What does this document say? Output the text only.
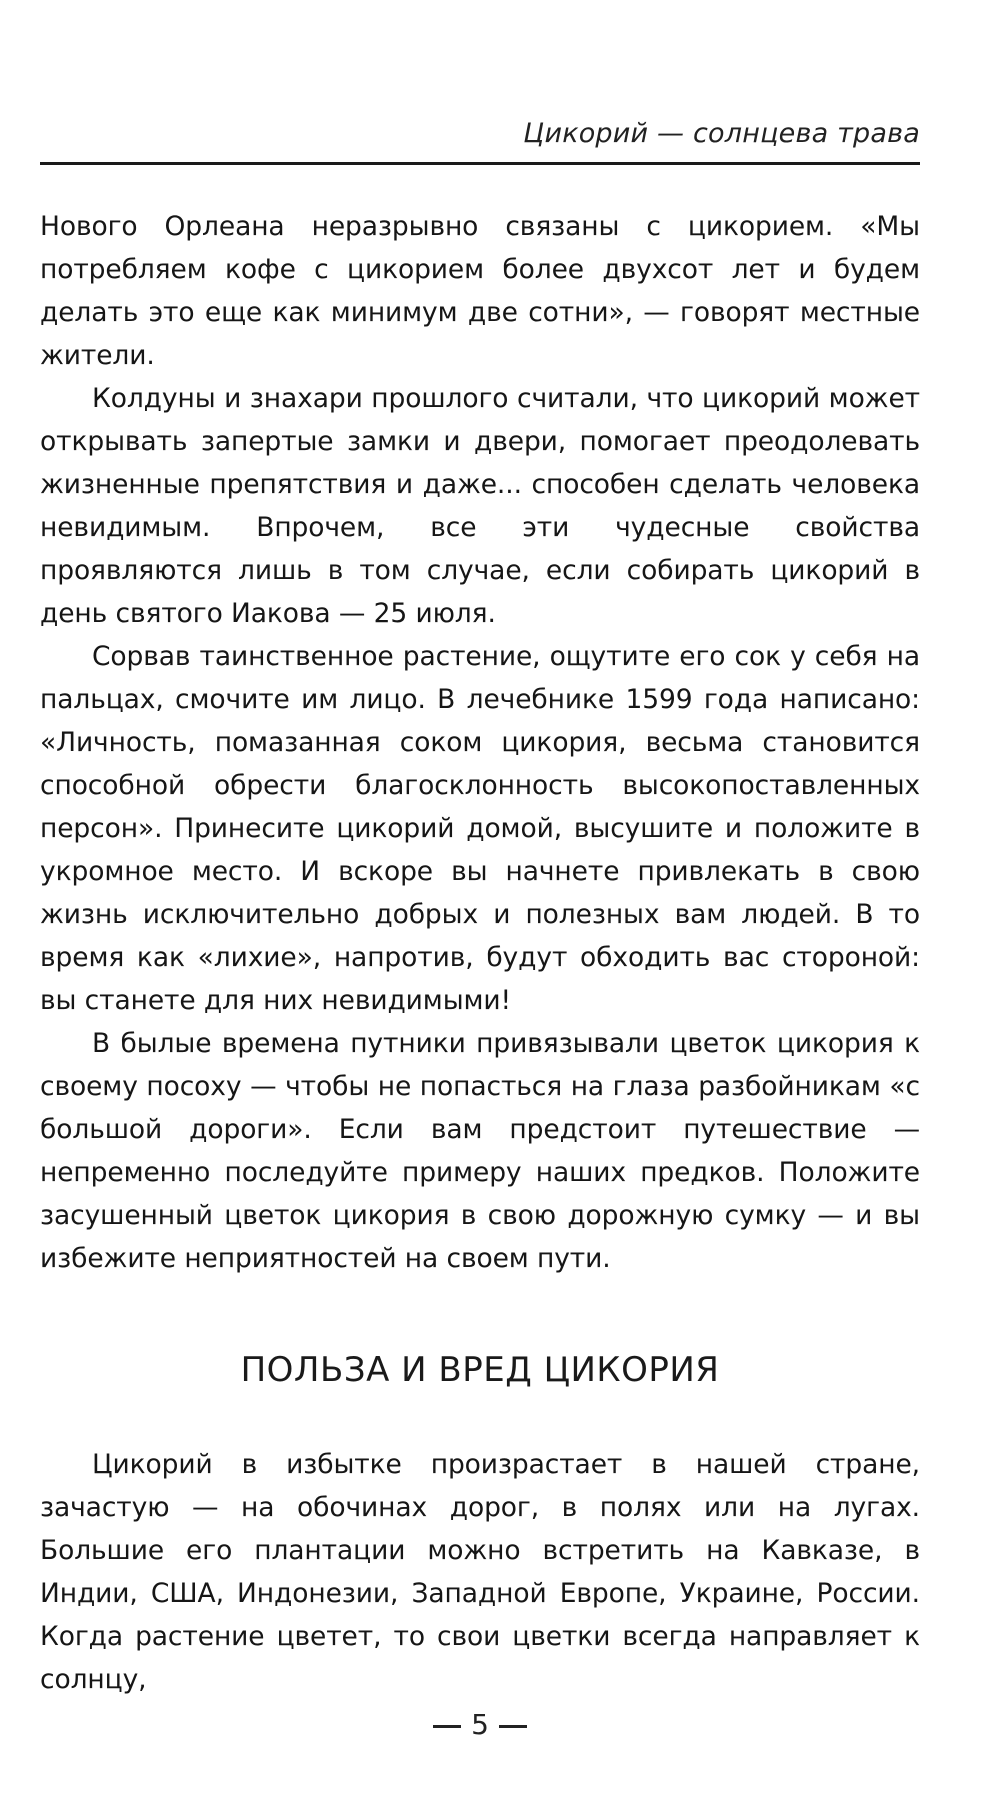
Цикорий — солнцева трава

Нового Орлеана неразрывно связаны с цикорием. «Мы потребляем кофе с цикорием более двухсот лет и будем делать это еще как минимум две сотни», — говорят местные жители.

Колдуны и знахари прошлого считали, что цикорий может открывать запертые замки и двери, помогает преодолевать жизненные препятствия и даже... способен сделать человека невидимым. Впрочем, все эти чудесные свойства проявляются лишь в том случае, если собирать цикорий в день святого Иакова — 25 июля.

Сорвав таинственное растение, ощутите его сок у себя на пальцах, смочите им лицо. В лечебнике 1599 года написано: «Личность, помазанная соком цикория, весьма становится способной обрести благосклонность высокопоставленных персон». Принесите цикорий домой, высушите и положите в укромное место. И вскоре вы начнете привлекать в свою жизнь исключительно добрых и полезных вам людей. В то время как «лихие», напротив, будут обходить вас стороной: вы станете для них невидимыми!

В былые времена путники привязывали цветок цикория к своему посоху — чтобы не попасться на глаза разбойникам «с большой дороги». Если вам предстоит путешествие — непременно последуйте примеру наших предков. Положите засушенный цветок цикория в свою дорожную сумку — и вы избежите неприятностей на своем пути.

ПОЛЬЗА И ВРЕД ЦИКОРИЯ

Цикорий в избытке произрастает в нашей стране, зачастую — на обочинах дорог, в полях или на лугах. Большие его плантации можно встретить на Кавказе, в Индии, США, Индонезии, Западной Европе, Украине, России. Когда растение цветет, то свои цветки всегда направляет к солнцу,

5
